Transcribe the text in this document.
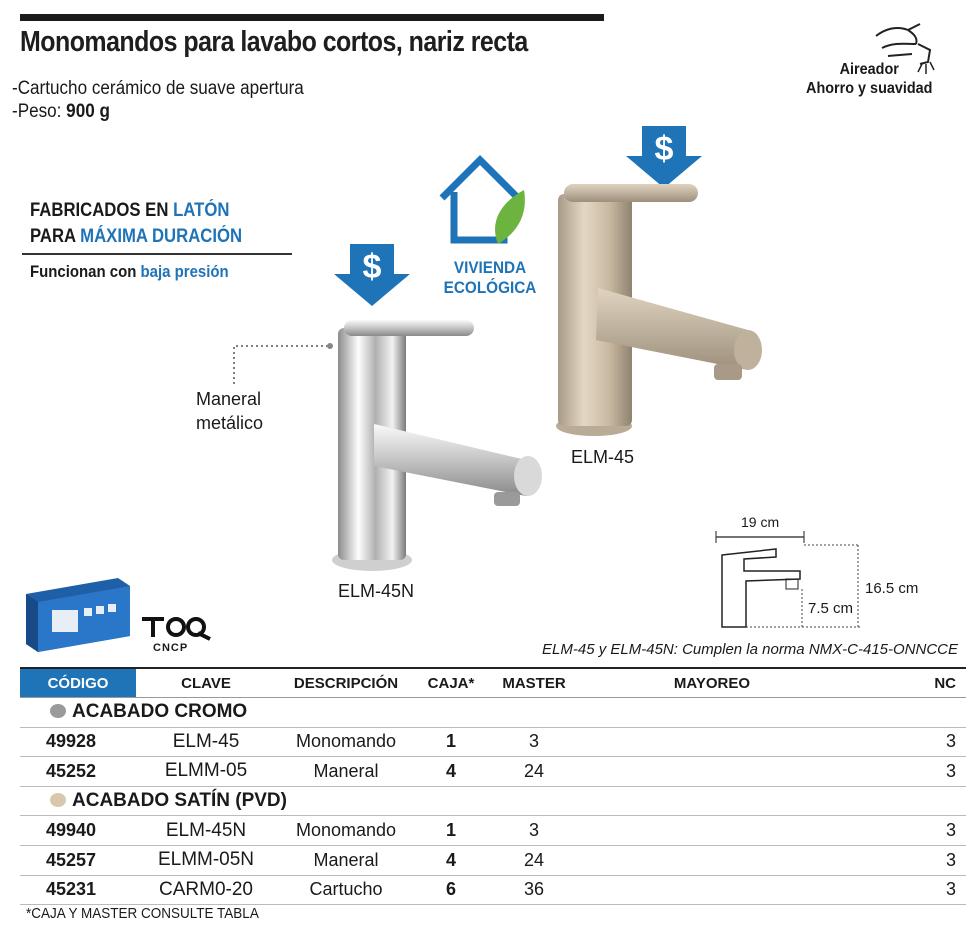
Monomandos para lavabo cortos, nariz recta
-Cartucho cerámico de suave apertura
-Peso: 900 g
Aireador
Ahorro y suavidad
FABRICADOS EN LATÓN
PARA MÁXIMA DURACIÓN
Funcionan con baja presión	VIVIENDA
ECOLÓGICA
$
$
ELM-45
ELM-45N
Maneral
metálico
19 cm
16.5 cm
7.5 cm
CNCP	ELM-45 y ELM-45N: Cumplen la norma NMX-C-415-ONNCCE
CÓDIGO	CLAVE	DESCRIPCIÓN	CAJA*	MASTER	MAYOREO	NC
ACABADO CROMO						
49928	ELM-45	Monomando	1	3		3
45252	ELMM-05	Maneral	4	24		3
ACABADO SATÍN (PVD)						
49940	ELM-45N	Monomando	1	3		3
45257	ELMM-05N	Maneral	4	24		3
45231	CARM0-20	Cartucho	6	36		3
*CAJA Y MASTER CONSULTE TABLA
